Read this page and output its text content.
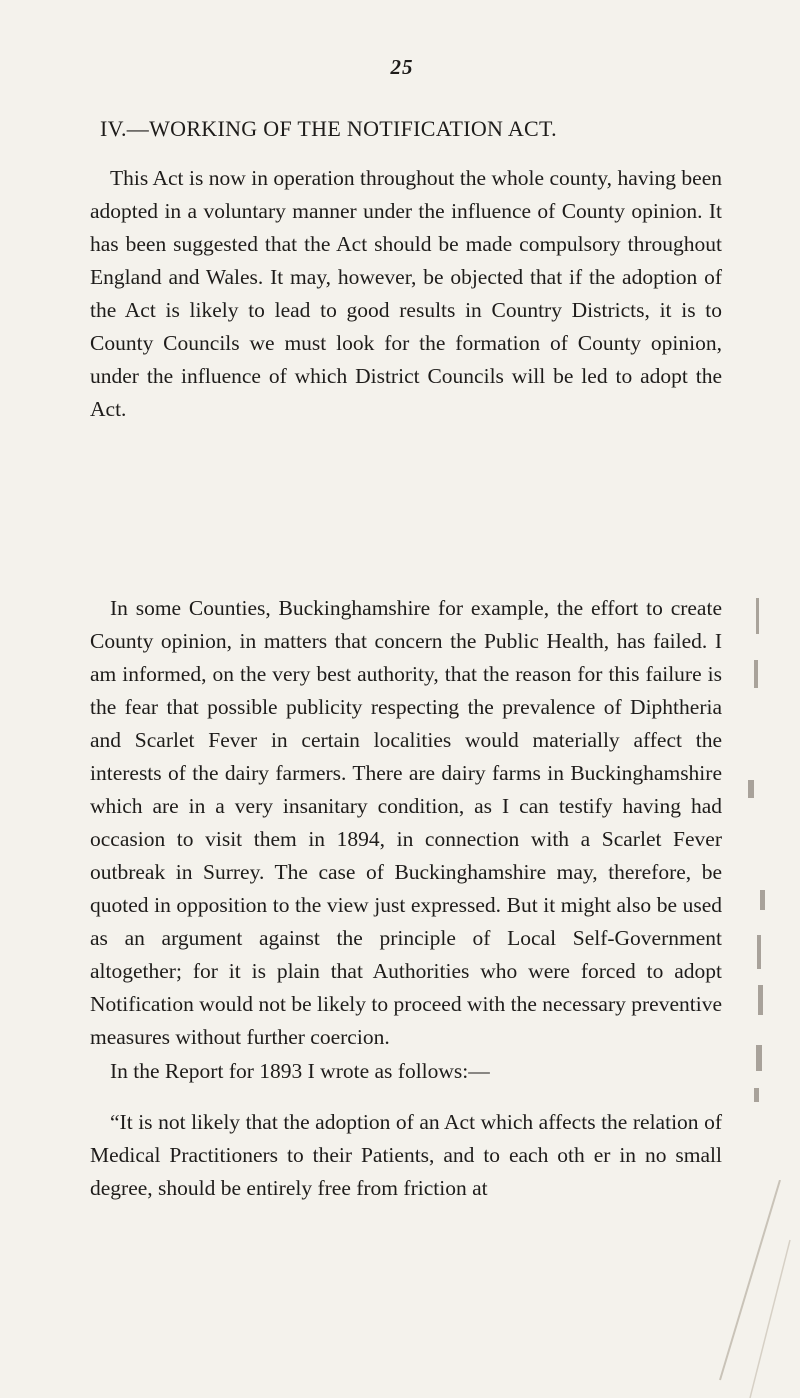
25
IV.—WORKING OF THE NOTIFICATION ACT.

This Act is now in operation throughout the whole county, having been adopted in a voluntary manner under the influence of County opinion. It has been suggested that the Act should be made compulsory throughout England and Wales. It may, however, be objected that if the adoption of the Act is likely to lead to good results in Country Districts, it is to County Councils we must look for the formation of County opinion, under the influence of which District Councils will be led to adopt the Act.

In some Counties, Buckinghamshire for example, the effort to create County opinion, in matters that concern the Public Health, has failed. I am informed, on the very best authority, that the reason for this failure is the fear that possible publicity respecting the prevalence of Diphtheria and Scarlet Fever in certain localities would materially affect the interests of the dairy farmers. There are dairy farms in Buckinghamshire which are in a very insanitary condition, as I can testify having had occasion to visit them in 1894, in connection with a Scarlet Fever outbreak in Surrey. The case of Buckinghamshire may, therefore, be quoted in opposition to the view just expressed. But it might also be used as an argument against the principle of Local Self-Government altogether; for it is plain that Authorities who were forced to adopt Notification would not be likely to proceed with the necessary preventive measures without further coercion.

In the Report for 1893 I wrote as follows:—

“It is not likely that the adoption of an Act which affects the relation of Medical Practitioners to their Patients, and to each oth er in no small degree, should be entirely free from friction at
